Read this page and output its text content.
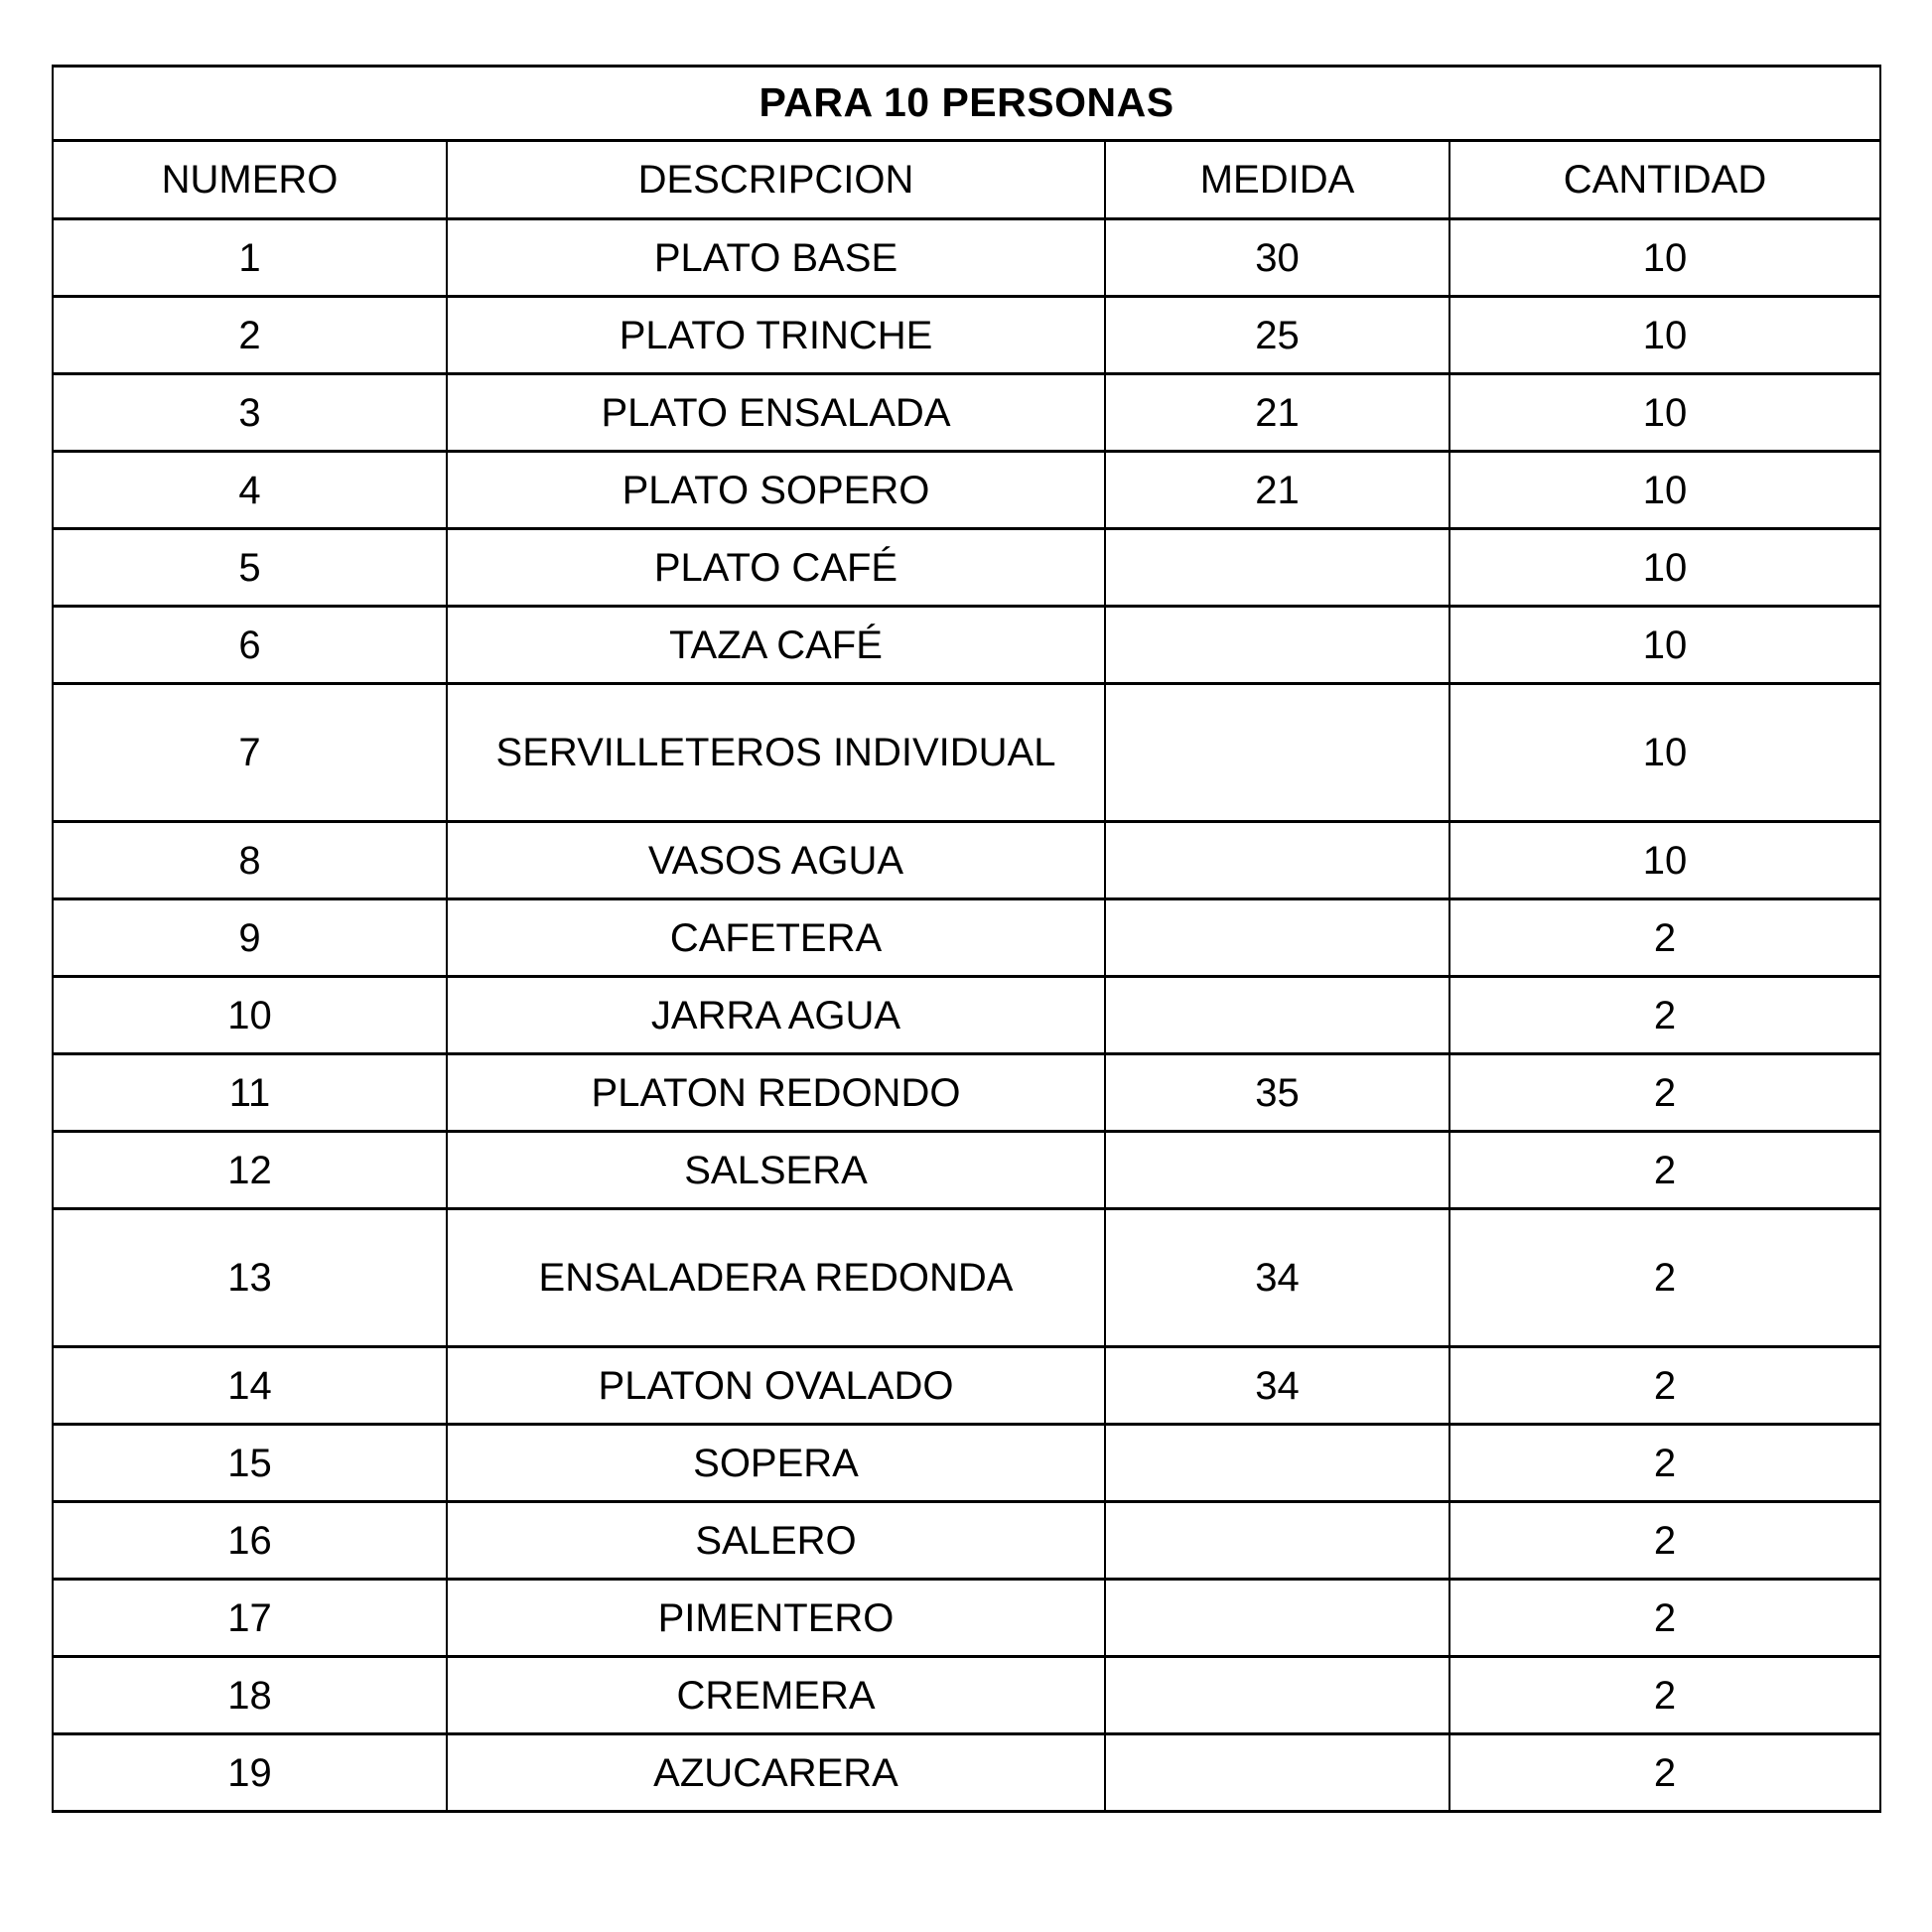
PARA 10 PERSONAS			
NUMERO	DESCRIPCION	MEDIDA	CANTIDAD
1	PLATO BASE	30	10
2	PLATO TRINCHE	25	10
3	PLATO ENSALADA	21	10
4	PLATO SOPERO	21	10
5	PLATO CAFÉ		10
6	TAZA CAFÉ		10
7	SERVILLETEROS INDIVIDUAL		10
8	VASOS AGUA		10
9	CAFETERA		2
10	JARRA AGUA		2
11	PLATON REDONDO	35	2
12	SALSERA		2
13	ENSALADERA REDONDA	34	2
14	PLATON OVALADO	34	2
15	SOPERA		2
16	SALERO		2
17	PIMENTERO		2
18	CREMERA		2
19	AZUCARERA		2
